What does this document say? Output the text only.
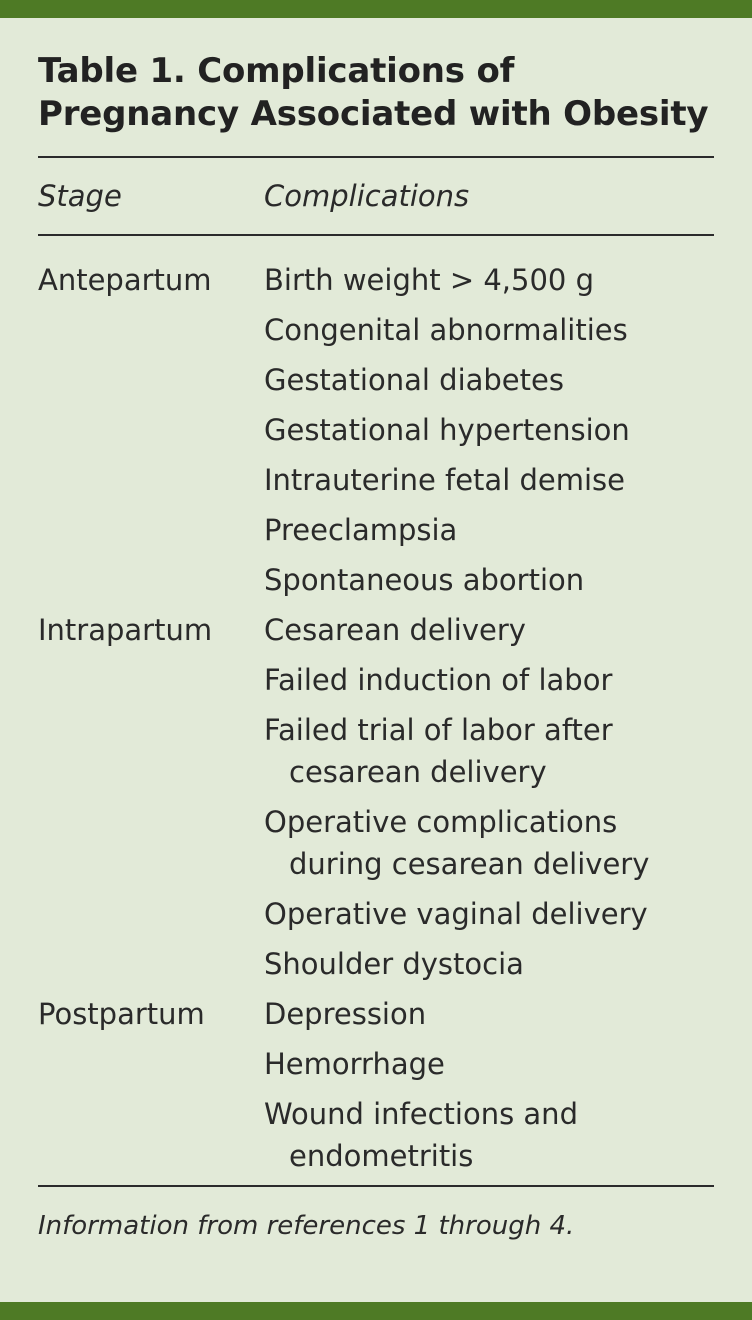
Table 1. Complications of Pregnancy Associated with Obesity
Stage	Complications
Antepartum	Birth weight > 4,500 g
Congenital abnormalities
Gestational diabetes
Gestational hypertension
Intrauterine fetal demise
Preeclampsia
Spontaneous abortion
Intrapartum	Cesarean delivery
Failed induction of labor
Failed trial of labor after cesarean delivery
Operative complications during cesarean delivery
Operative vaginal delivery
Shoulder dystocia
Postpartum	Depression
Hemorrhage
Wound infections and endometritis
Information from references 1 through 4.
